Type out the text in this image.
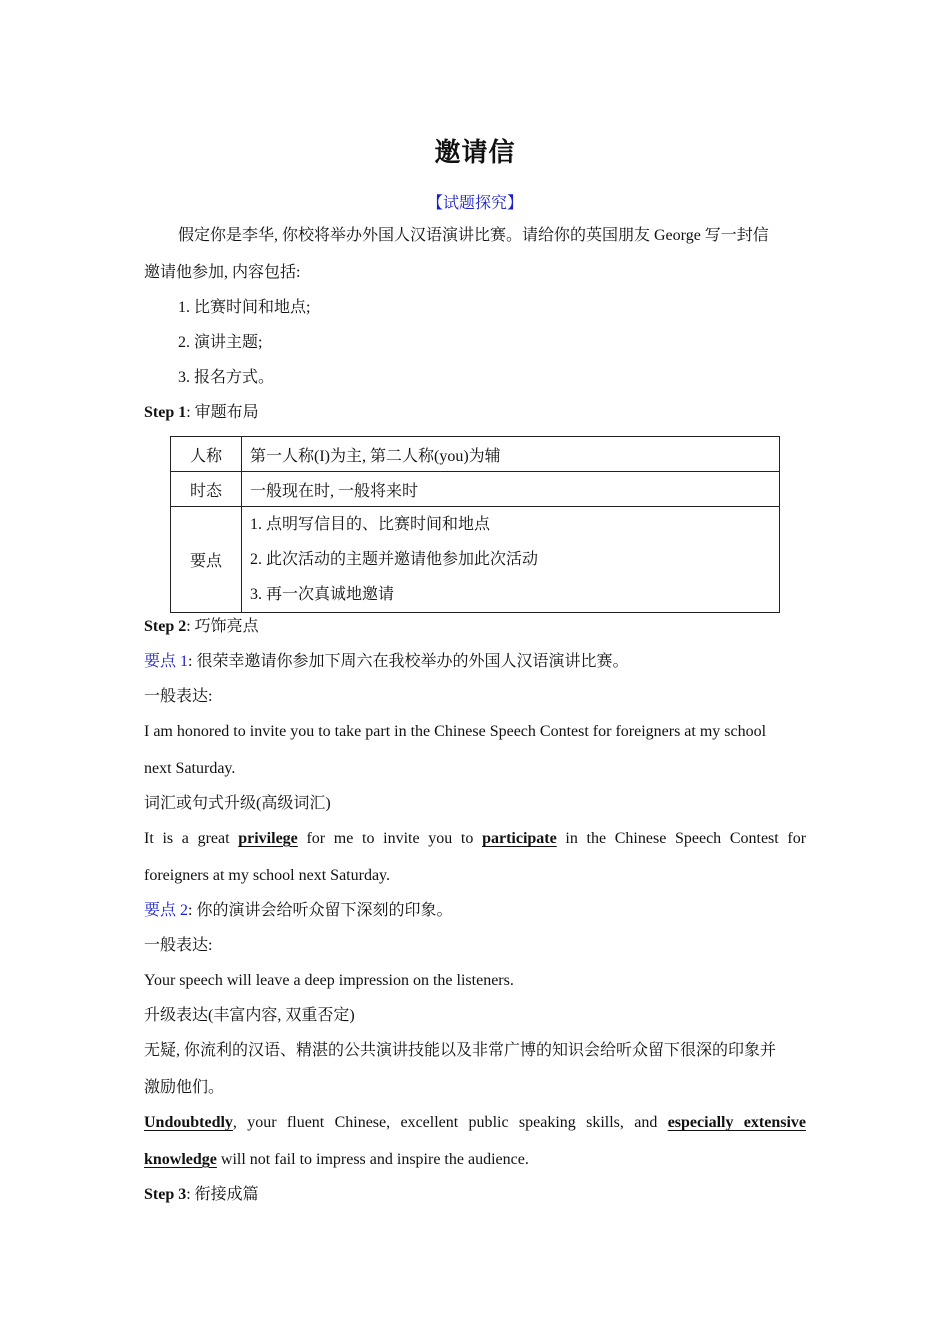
邀请信
【试题探究】
假定你是李华, 你校将举办外国人汉语演讲比赛。请给你的英国朋友 George 写一封信
邀请他参加, 内容包括:
1. 比赛时间和地点;
2. 演讲主题;
3. 报名方式。
Step 1: 审题布局
人称	第一人称(I)为主, 第二人称(you)为辅
时态	一般现在时, 一般将来时
要点	1. 点明写信目的、比赛时间和地点
2. 此次活动的主题并邀请他参加此次活动
3. 再一次真诚地邀请
Step 2: 巧饰亮点
要点 1: 很荣幸邀请你参加下周六在我校举办的外国人汉语演讲比赛。
一般表达:
I am honored to invite you to take part in the Chinese Speech Contest for foreigners at my school
next Saturday.
词汇或句式升级(高级词汇)
It is a great privilege for me to invite you to participate in the Chinese Speech Contest for
foreigners at my school next Saturday.
要点 2: 你的演讲会给听众留下深刻的印象。
一般表达:
Your speech will leave a deep impression on the listeners.
升级表达(丰富内容, 双重否定)
无疑, 你流利的汉语、精湛的公共演讲技能以及非常广博的知识会给听众留下很深的印象并
激励他们。
Undoubtedly, your fluent Chinese, excellent public speaking skills, and especially extensive
knowledge will not fail to impress and inspire the audience.
Step 3: 衔接成篇
